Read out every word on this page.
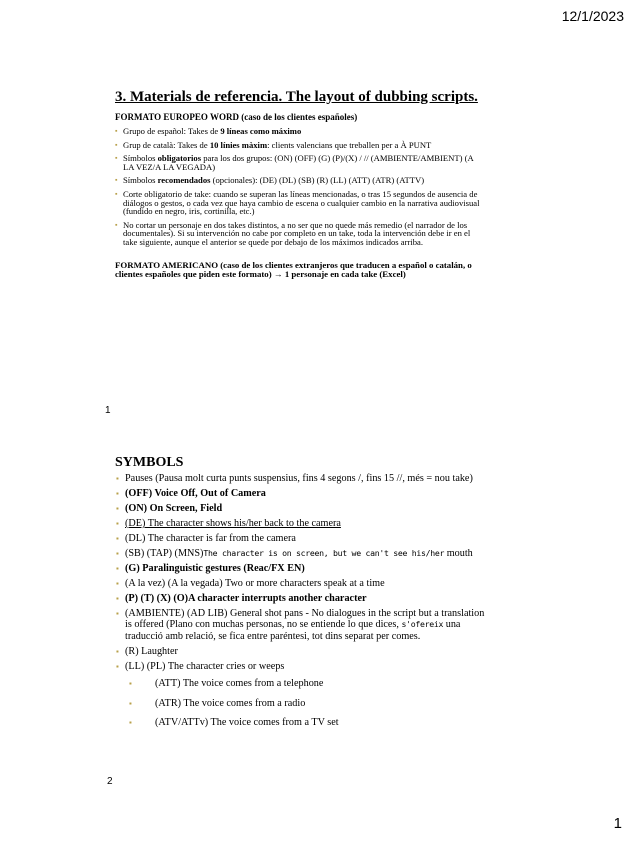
12/1/2023
3. Materials de referencia. The layout of dubbing scripts.
FORMATO EUROPEO WORD (caso de los clientes españoles)
▪ Grupo de español: Takes de 9 líneas como máximo
▪ Grup de català: Takes de 10 línies màxim: clients valencians que treballen per a À PUNT
▪ Símbolos obligatorios para los dos grupos: (ON) (OFF) (G) (P)/(X) / // (AMBIENTE/AMBIENT) (A LA VEZ/A LA VEGADA)
▪ Símbolos recomendados (opcionales): (DE) (DL) (SB) (R) (LL) (ATT) (ATR) (ATTV)
▪ Corte obligatorio de take: cuando se superan las líneas mencionadas, o tras 15 segundos de ausencia de diálogos o gestos, o cada vez que haya cambio de escena o cualquier cambio en la narrativa audiovisual (fundido en negro, iris, cortinilla, etc.)
▪ No cortar un personaje en dos takes distintos, a no ser que no quede más remedio (el narrador de los documentales). Si su intervención no cabe por completo en un take, toda la intervención debe ir en el take siguiente, aunque el anterior se quede por debajo de los máximos indicados arriba.
FORMATO AMERICANO (caso de los clientes extranjeros que traducen a español o catalán, o clientes españoles que piden este formato) → 1 personaje en cada take (Excel)
1
SYMBOLS
▪ Pauses (Pausa molt curta punts suspensius, fins 4 segons /, fins 15 //, més = nou take)
▪ (OFF) Voice Off, Out of Camera
▪ (ON) On Screen, Field
▪ (DE) The character shows his/her back to the camera
▪ (DL) The character is far from the camera
▪ (SB) (TAP) (MNS)The character is on screen, but we can't see his/her mouth
▪ (G) Paralinguistic gestures (Reac/FX EN)
▪ (A la vez) (A la vegada) Two or more characters speak at a time
▪ (P) (T) (X) (O)A character interrupts another character
▪ (AMBIENTE) (AD LIB) General shot pans - No dialogues in the script but a translation is offered (Plano con muchas personas, no se entiende lo que dices, s'ofereix una traducció amb relació, se fica entre paréntesi, tot dins separat per comes.
▪ (R) Laughter
▪ (LL) (PL) The character cries or weeps
▪ (ATT) The voice comes from a telephone
▪ (ATR) The voice comes from a radio
▪ (ATV/ATTv) The voice comes from a TV set
2
1
